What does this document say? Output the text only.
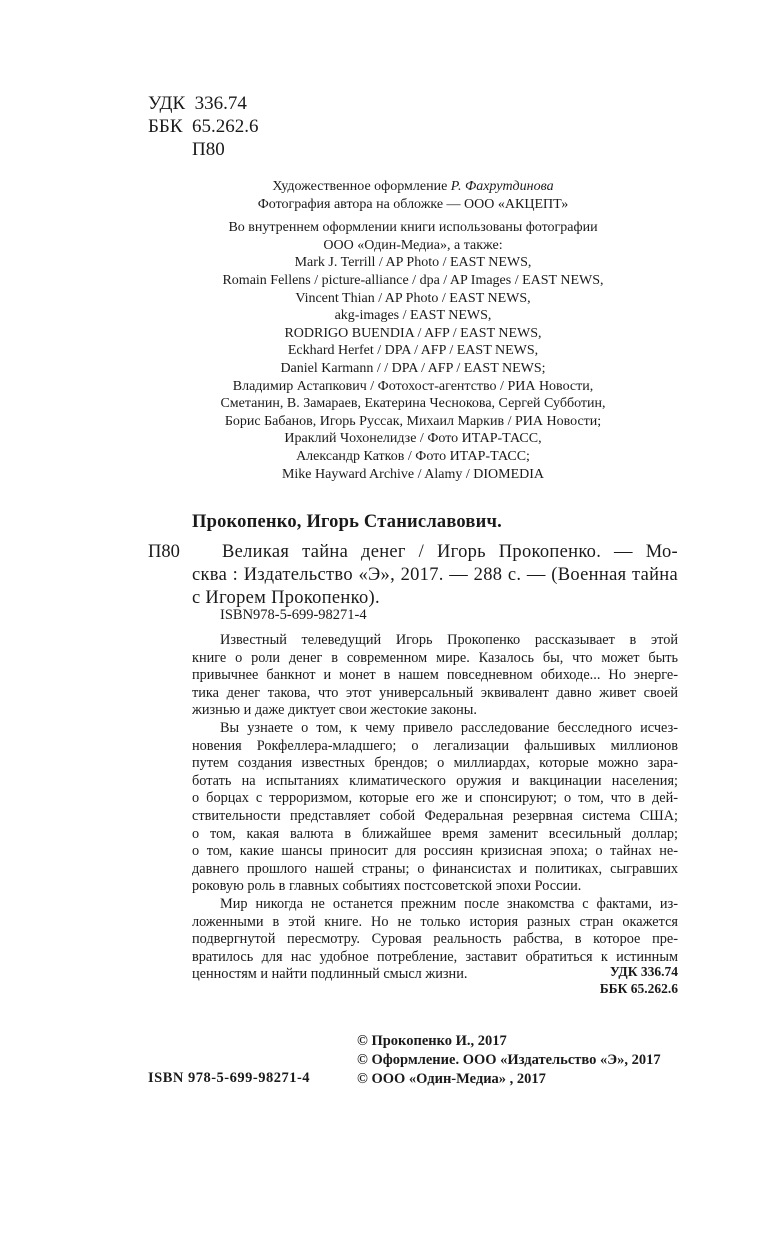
УДК 336.74
ББК 65.262.6
П80
Художественное оформление Р. Фахрутдинова
Фотография автора на обложке — ООО «АКЦЕПТ»
Во внутреннем оформлении книги использованы фотографии
ООО «Один-Медиа», а также:
Mark J. Terrill / AP Photo / EAST NEWS,
Romain Fellens / picture-alliance / dpa / AP Images / EAST NEWS,
Vincent Thian / AP Photo / EAST NEWS,
akg-images / EAST NEWS,
RODRIGO BUENDIA / AFP / EAST NEWS,
Eckhard Herfet / DPA / AFP / EAST NEWS,
Daniel Karmann / / DPA / AFP / EAST NEWS;
Владимир Астапкович / Фотохост-агентство / РИА Новости,
Сметанин, В. Замараев, Екатерина Чеснокова, Сергей Субботин,
Борис Бабанов, Игорь Руссак, Михаил Маркив / РИА Новости;
Ираклий Чохонелидзе / Фото ИТАР-ТАСС,
Александр Катков / Фото ИТАР-ТАСС;
Mike Hayward Archive / Alamy / DIOMEDIA
Прокопенко, Игорь Станиславович.
П80	Великая тайна денег / Игорь Прокопенко. — Мо-
сква : Издательство «Э», 2017. — 288 с. — (Военная тайна
с Игорем Прокопенко).
ISBN978-5-699-98271-4
Известный телеведущий Игорь Прокопенко рассказывает в этой
книге о роли денег в современном мире. Казалось бы, что может быть
привычнее банкнот и монет в нашем повседневном обиходе... Но энерге-
тика денег такова, что этот универсальный эквивалент давно живет своей
жизнью и даже диктует свои жестокие законы.
Вы узнаете о том, к чему привело расследование бесследного исчез-
новения Рокфеллера-младшего; о легализации фальшивых миллионов
путем создания известных брендов; о миллиардах, которые можно зара-
ботать на испытаниях климатического оружия и вакцинации населения;
о борцах с терроризмом, которые его же и спонсируют; о том, что в дей-
ствительности представляет собой Федеральная резервная система США;
о том, какая валюта в ближайшее время заменит всесильный доллар;
о том, какие шансы приносит для россиян кризисная эпоха; о тайнах не-
давнего прошлого нашей страны; о финансистах и политиках, сыгравших
роковую роль в главных событиях постсоветской эпохи России.
Мир никогда не останется прежним после знакомства с фактами, из-
ложенными в этой книге. Но не только история разных стран окажется
подвергнутой пересмотру. Суровая реальность рабства, в которое пре-
вратилось для нас удобное потребление, заставит обратиться к истинным
ценностям и найти подлинный смысл жизни.	УДК 336.74
ББК 65.262.6
© Прокопенко И., 2017
© Оформление. ООО «Издательство «Э», 2017
© ООО «Один-Медиа» , 2017
ISBN 978-5-699-98271-4
